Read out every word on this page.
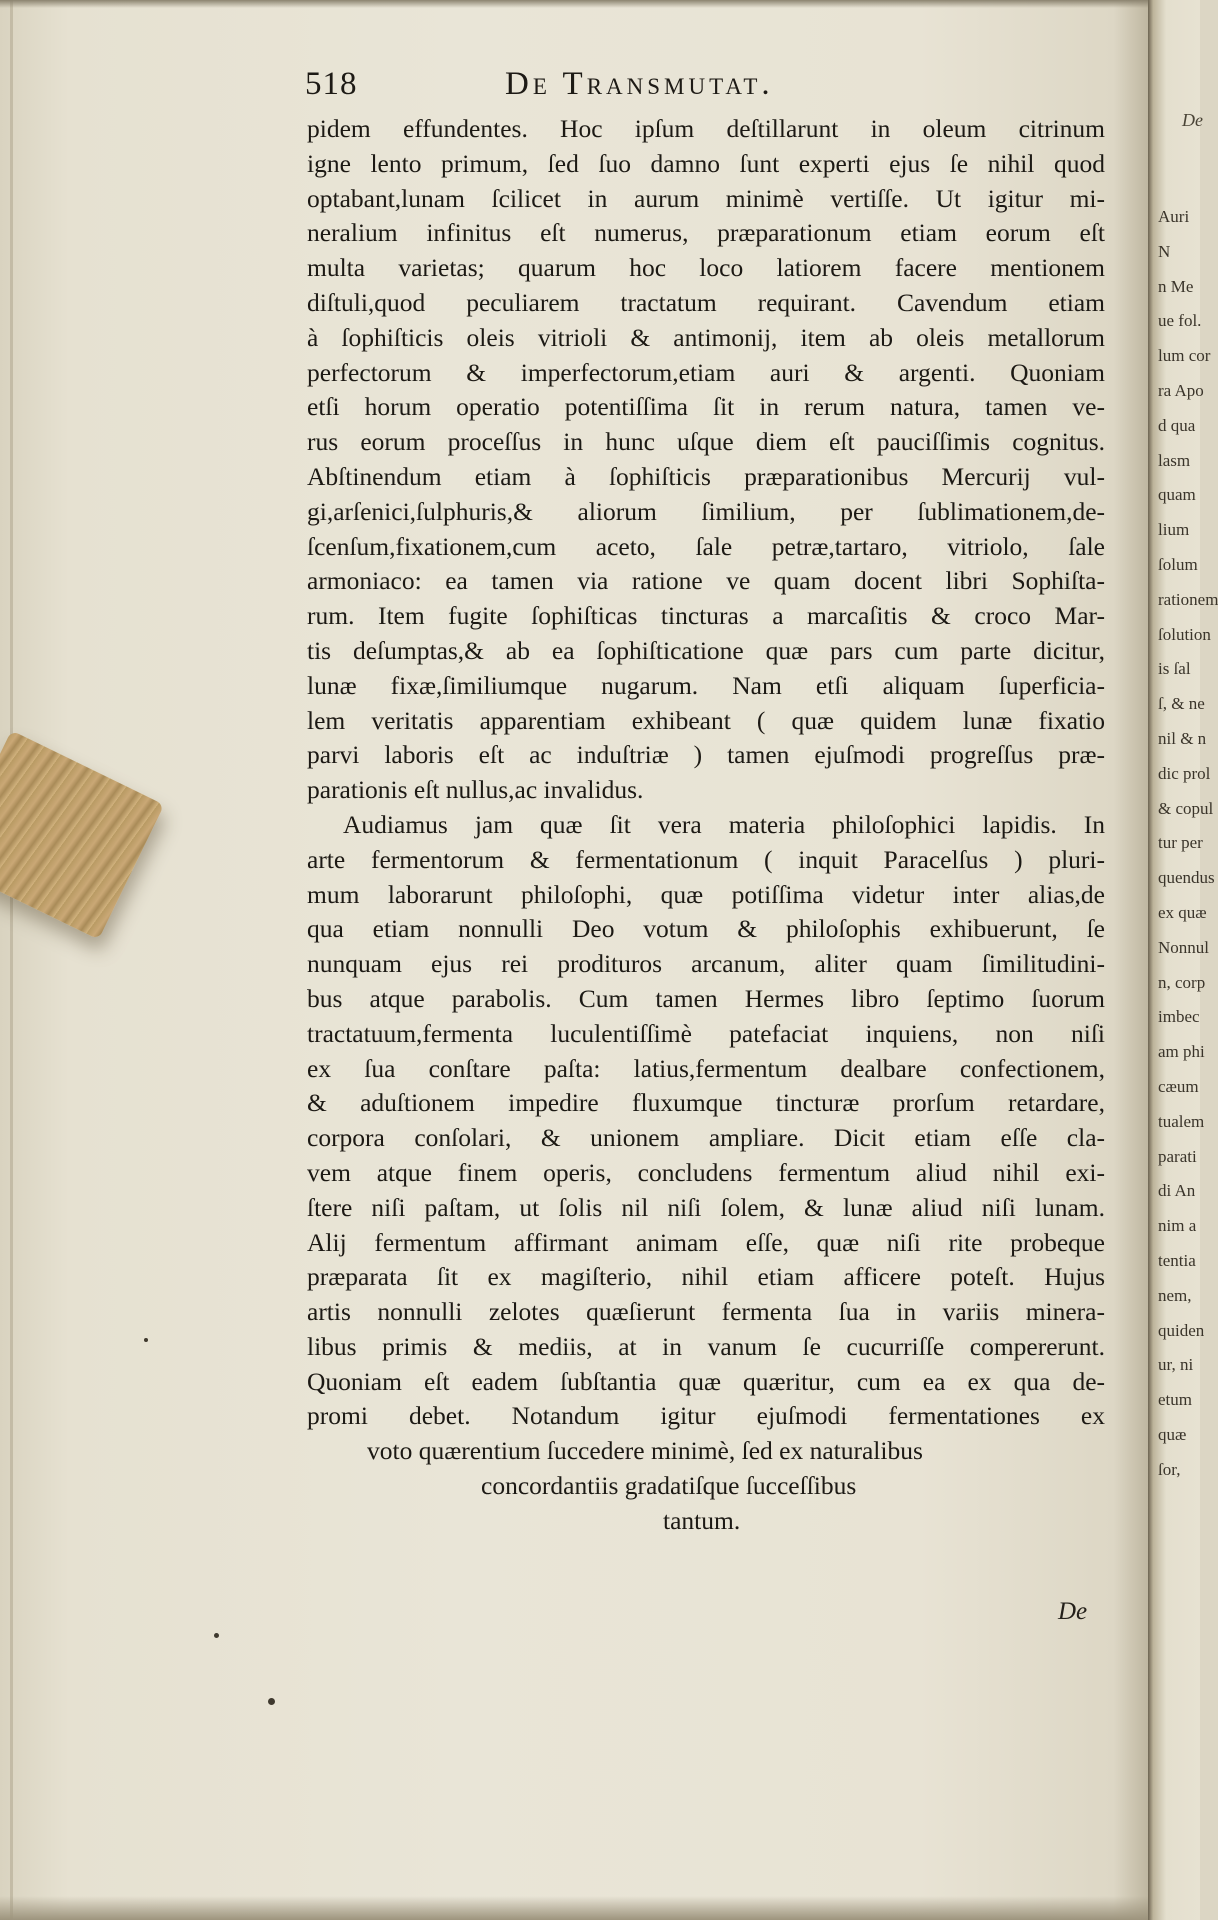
518	De Transmutat.
pidem effundentes. Hoc ipſum deſtillarunt in oleum citrinum
igne lento primum, ſed ſuo damno ſunt experti ejus ſe nihil quod
optabant,lunam ſcilicet in aurum minimè vertiſſe. Ut igitur mi-
neralium infinitus eſt numerus, præparationum etiam eorum eſt
multa varietas; quarum hoc loco latiorem facere mentionem
diſtuli,quod peculiarem tractatum requirant. Cavendum etiam
à ſophiſticis oleis vitrioli & antimonij, item ab oleis metallorum
perfectorum & imperfectorum,etiam auri & argenti. Quoniam
etſi horum operatio potentiſſima ſit in rerum natura, tamen ve-
rus eorum proceſſus in hunc uſque diem eſt pauciſſimis cognitus.
Abſtinendum etiam à ſophiſticis præparationibus Mercurij vul-
gi,arſenici,ſulphuris,& aliorum ſimilium, per ſublimationem,de-
ſcenſum,fixationem,cum aceto, ſale petræ,tartaro, vitriolo, ſale
armoniaco: ea tamen via ratione ve quam docent libri Sophiſta-
rum. Item fugite ſophiſticas tincturas a marcaſitis & croco Mar-
tis deſumptas,& ab ea ſophiſticatione quæ pars cum parte dicitur,
lunæ fixæ,ſimiliumque nugarum. Nam etſi aliquam ſuperficia-
lem veritatis apparentiam exhibeant ( quæ quidem lunæ fixatio
parvi laboris eſt ac induſtriæ ) tamen ejuſmodi progreſſus præ-
parationis eſt nullus,ac invalidus.
Audiamus jam quæ ſit vera materia philoſophici lapidis. In
arte fermentorum & fermentationum ( inquit Paracelſus ) pluri-
mum laborarunt philoſophi, quæ potiſſima videtur inter alias,de
qua etiam nonnulli Deo votum & philoſophis exhibuerunt, ſe
nunquam ejus rei prodituros arcanum, aliter quam ſimilitudini-
bus atque parabolis. Cum tamen Hermes libro ſeptimo ſuorum
tractatuum,fermenta luculentiſſimè patefaciat inquiens, non niſi
ex ſua conſtare paſta: latius,fermentum dealbare confectionem,
& aduſtionem impedire fluxumque tincturæ prorſum retardare,
corpora conſolari, & unionem ampliare. Dicit etiam eſſe cla-
vem atque finem operis, concludens fermentum aliud nihil exi-
ſtere niſi paſtam, ut ſolis nil niſi ſolem, & lunæ aliud niſi lunam.
Alij fermentum affirmant animam eſſe, quæ niſi rite probeque
præparata ſit ex magiſterio, nihil etiam afficere poteſt. Hujus
artis nonnulli zelotes quæſierunt fermenta ſua in variis minera-
libus primis & mediis, at in vanum ſe cucurriſſe compererunt.
Quoniam eſt eadem ſubſtantia quæ quæritur, cum ea ex qua de-
promi debet. Notandum igitur ejuſmodi fermentationes ex
voto quærentium ſuccedere minimè, ſed ex naturalibus
concordantiis gradatiſque ſucceſſibus
tantum.
De
De
Auri
N
n Me
ue fol.
lum cor
ra Apo
d qua
lasm
quam
lium
ſolum
rationem
ſolution
is ſal
ſ, & ne
nil & n
dic prol
& copul
tur per
quendus
ex quæ
Nonnul
n, corp
imbec
am phi
cæum
tualem
parati
di An
nim a
tentia
nem,
quiden
ur, ni
etum
quæ
ſor,
